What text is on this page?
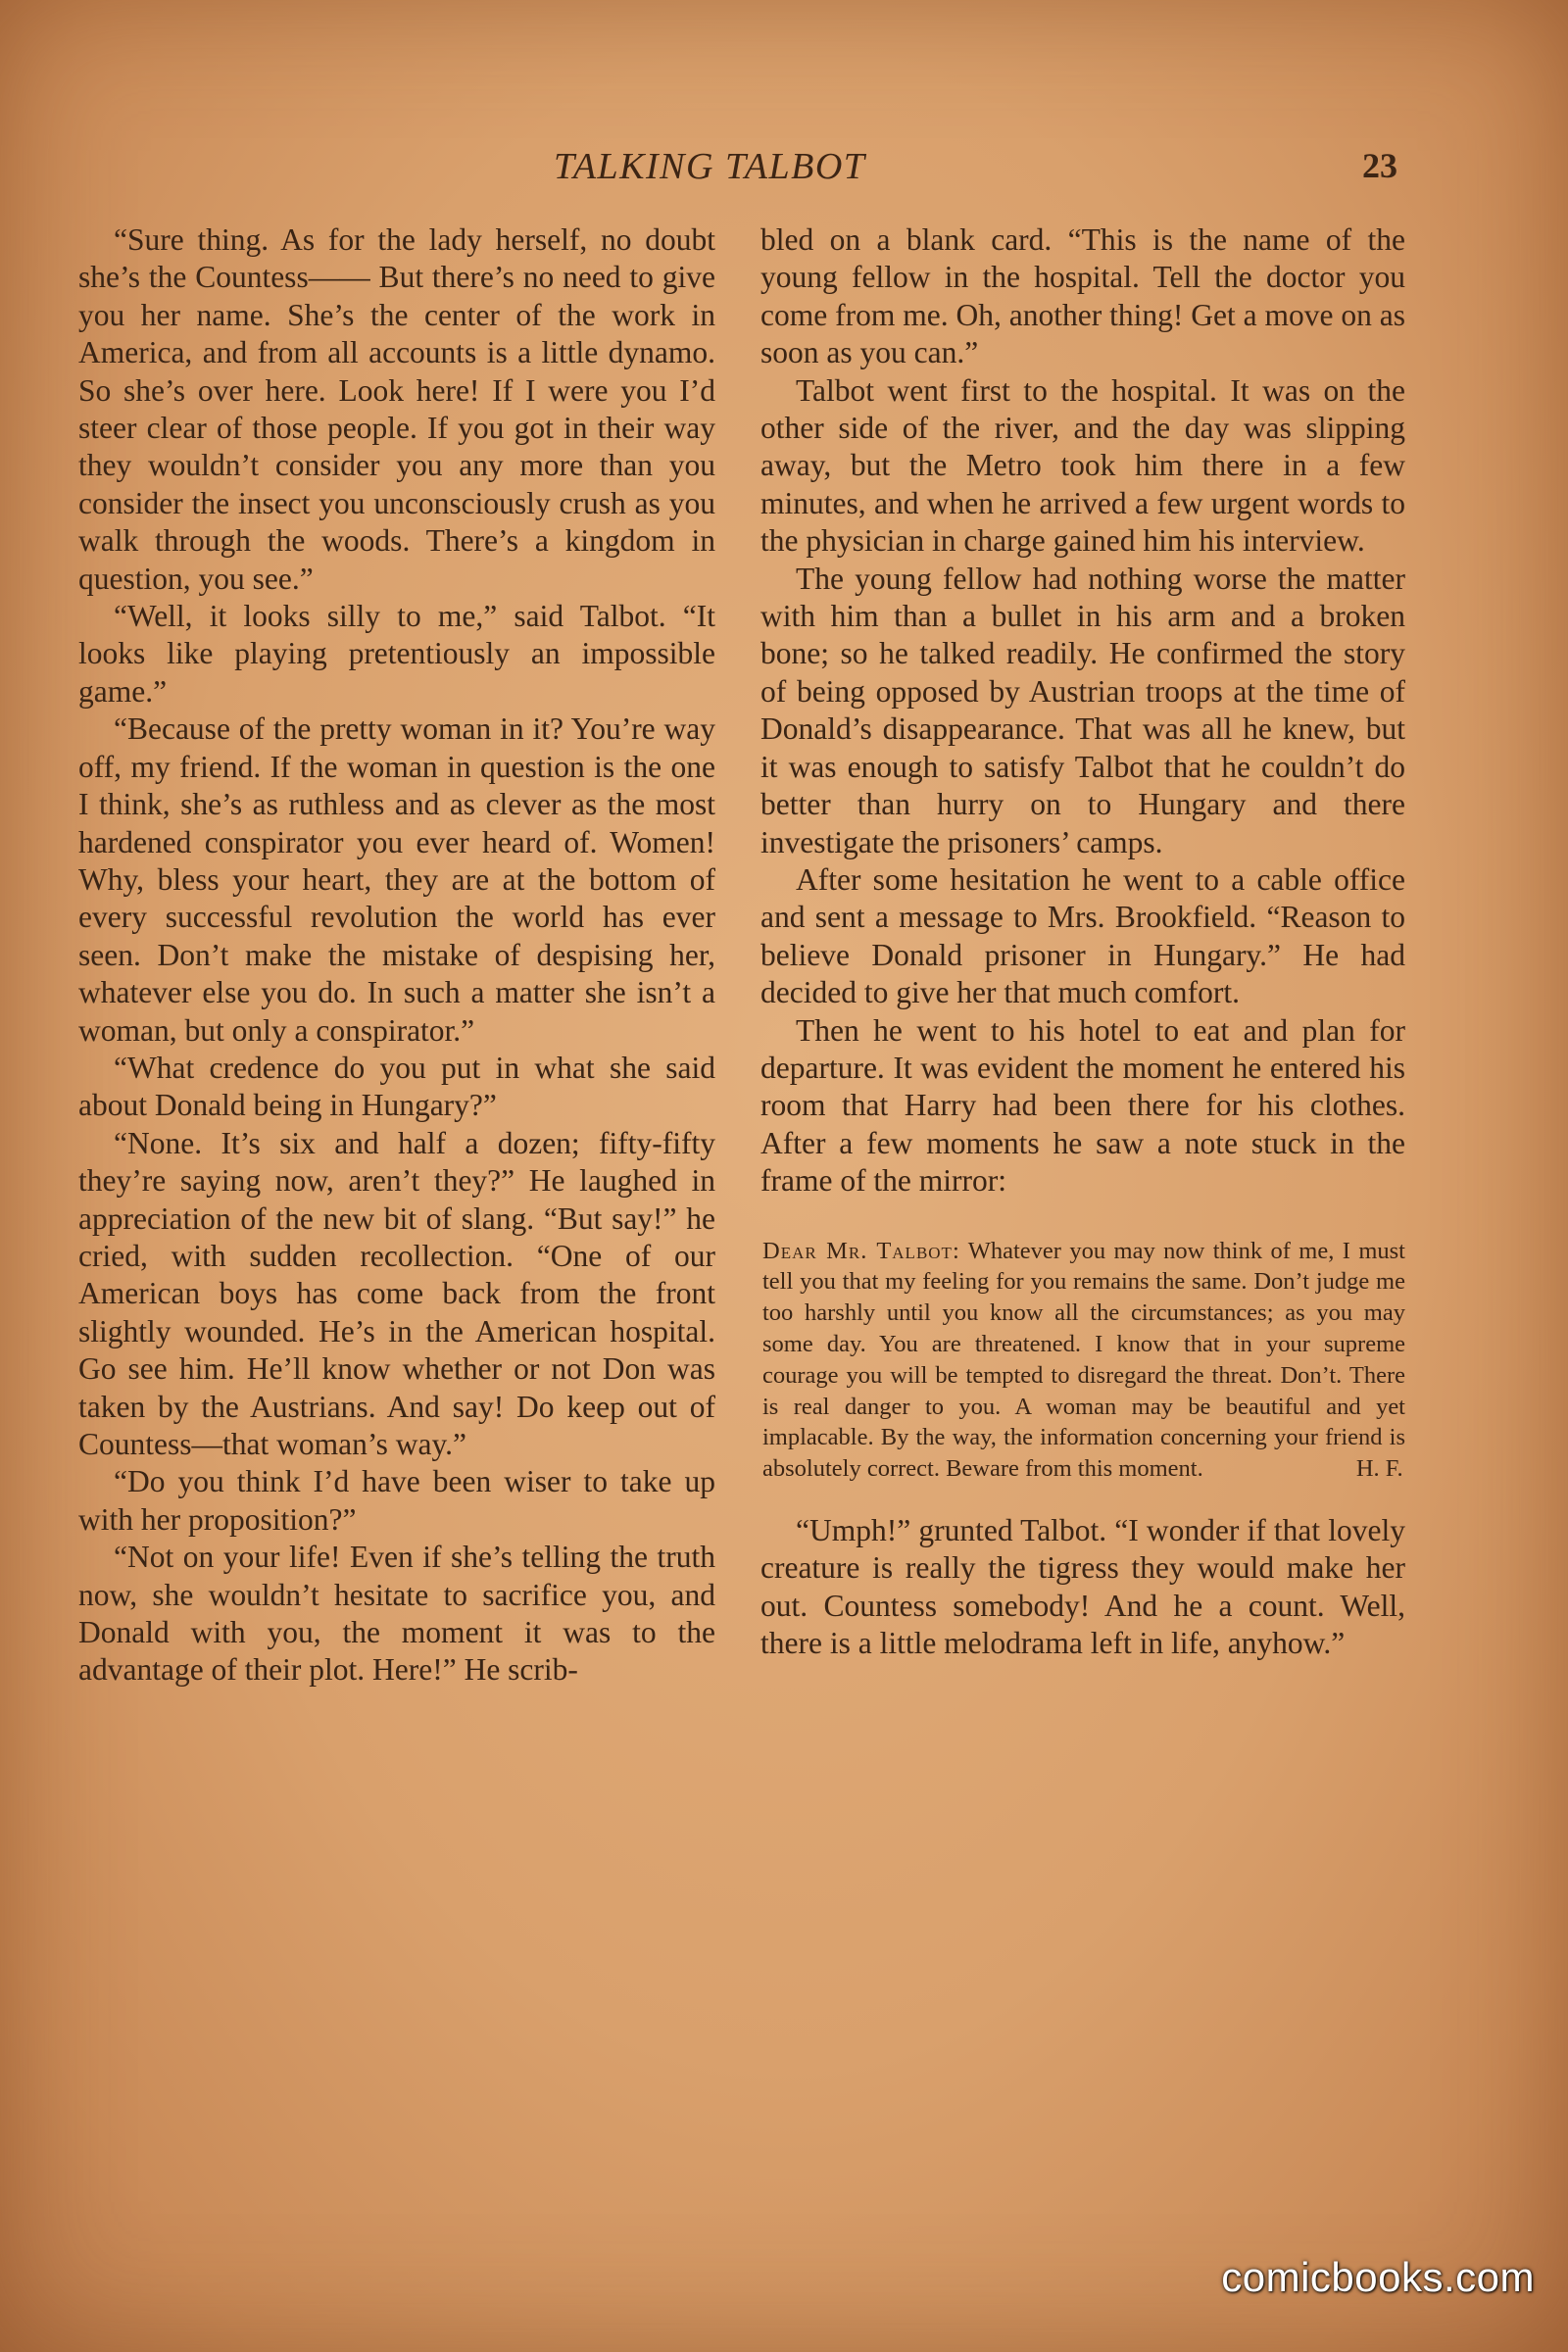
TALKING TALBOT	23

“Sure thing. As for the lady herself, no doubt she’s the Countess—— But there’s no need to give you her name. She’s the center of the work in America, and from all accounts is a little dynamo. So she’s over here. Look here! If I were you I’d steer clear of those people. If you got in their way they wouldn’t consider you any more than you consider the insect you unconsciously crush as you walk through the woods. There’s a kingdom in question, you see.”

“Well, it looks silly to me,” said Talbot. “It looks like playing pretentiously an impossible game.”

“Because of the pretty woman in it? You’re way off, my friend. If the woman in question is the one I think, she’s as ruthless and as clever as the most hardened conspirator you ever heard of. Women! Why, bless your heart, they are at the bottom of every successful revolution the world has ever seen. Don’t make the mistake of despising her, whatever else you do. In such a matter she isn’t a woman, but only a conspirator.”

“What credence do you put in what she said about Donald being in Hungary?”

“None. It’s six and half a dozen; fifty-fifty they’re saying now, aren’t they?” He laughed in appreciation of the new bit of slang. “But say!” he cried, with sudden recollection. “One of our American boys has come back from the front slightly wounded. He’s in the American hospital. Go see him. He’ll know whether or not Don was taken by the Austrians. And say! Do keep out of Countess—that woman’s way.”

“Do you think I’d have been wiser to take up with her proposition?”

“Not on your life! Even if she’s telling the truth now, she wouldn’t hesitate to sacrifice you, and Donald with you, the moment it was to the advantage of their plot. Here!” He scrib-

bled on a blank card. “This is the name of the young fellow in the hospital. Tell the doctor you come from me. Oh, another thing! Get a move on as soon as you can.”

Talbot went first to the hospital. It was on the other side of the river, and the day was slipping away, but the Metro took him there in a few minutes, and when he arrived a few urgent words to the physician in charge gained him his interview.

The young fellow had nothing worse the matter with him than a bullet in his arm and a broken bone; so he talked readily. He confirmed the story of being opposed by Austrian troops at the time of Donald’s disappearance. That was all he knew, but it was enough to satisfy Talbot that he couldn’t do better than hurry on to Hungary and there investigate the prisoners’ camps.

After some hesitation he went to a cable office and sent a message to Mrs. Brookfield. “Reason to believe Donald prisoner in Hungary.” He had decided to give her that much comfort.

Then he went to his hotel to eat and plan for departure. It was evident the moment he entered his room that Harry had been there for his clothes. After a few moments he saw a note stuck in the frame of the mirror:

Dear Mr. Talbot: Whatever you may now think of me, I must tell you that my feeling for you remains the same. Don’t judge me too harshly until you know all the circumstances; as you may some day. You are threatened. I know that in your supreme courage you will be tempted to disregard the threat. Don’t. There is real danger to you. A woman may be beautiful and yet implacable. By the way, the information concerning your friend is absolutely correct. Beware from this moment.	H. F.

“Umph!” grunted Talbot. “I wonder if that lovely creature is really the tigress they would make her out. Countess somebody! And he a count. Well, there is a little melodrama left in life, anyhow.”

comicbooks.com
